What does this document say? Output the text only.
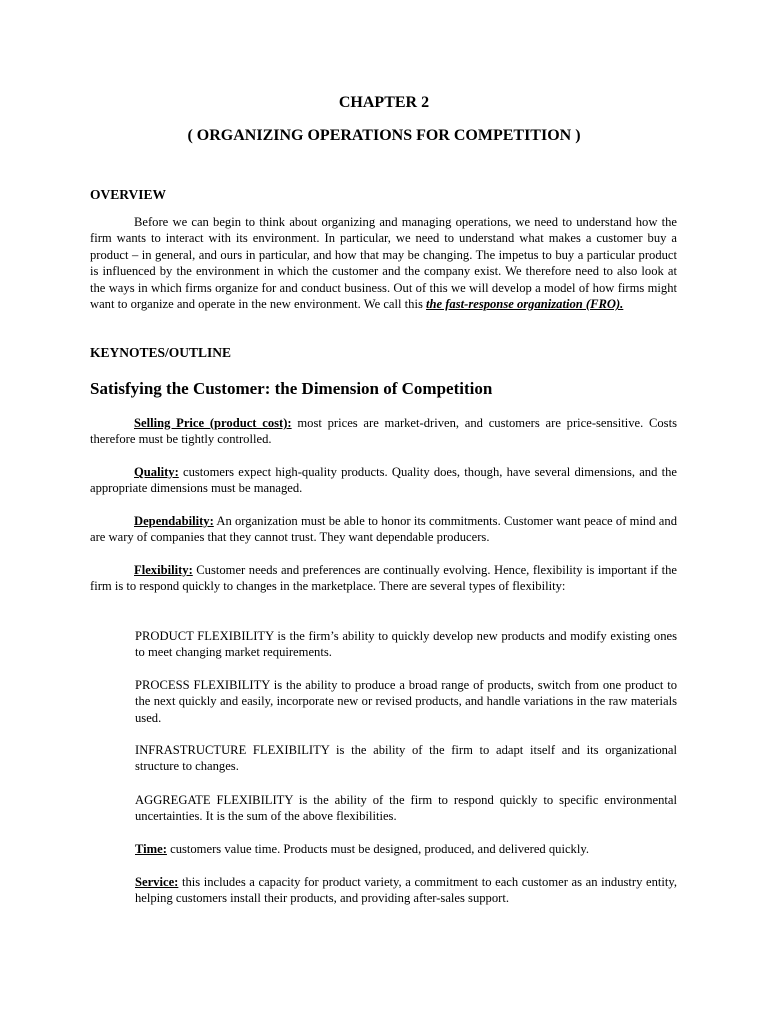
CHAPTER 2
( ORGANIZING OPERATIONS FOR COMPETITION )
OVERVIEW
Before we can begin to think about organizing and managing operations, we need to understand how the firm wants to interact with its environment. In particular, we need to understand what makes a customer buy a product – in general, and ours in particular, and how that may be changing. The impetus to buy a particular product is influenced by the environment in which the customer and the company exist. We therefore need to also look at the ways in which firms organize for and conduct business. Out of this we will develop a model of how firms might want to organize and operate in the new environment. We call this the fast-response organization (FRO).
KEYNOTES/OUTLINE
Satisfying the Customer: the Dimension of Competition
Selling Price (product cost): most prices are market-driven, and customers are price-sensitive. Costs therefore must be tightly controlled.
Quality: customers expect high-quality products. Quality does, though, have several dimensions, and the appropriate dimensions must be managed.
Dependability: An organization must be able to honor its commitments. Customer want peace of mind and are wary of companies that they cannot trust. They want dependable producers.
Flexibility: Customer needs and preferences are continually evolving. Hence, flexibility is important if the firm is to respond quickly to changes in the marketplace. There are several types of flexibility:
PRODUCT FLEXIBILITY is the firm’s ability to quickly develop new products and modify existing ones to meet changing market requirements.
PROCESS FLEXIBILITY is the ability to produce a broad range of products, switch from one product to the next quickly and easily, incorporate new or revised products, and handle variations in the raw materials used.
INFRASTRUCTURE FLEXIBILITY is the ability of the firm to adapt itself and its organizational structure to changes.
AGGREGATE FLEXIBILITY is the ability of the firm to respond quickly to specific environmental uncertainties. It is the sum of the above flexibilities.
Time: customers value time. Products must be designed, produced, and delivered quickly.
Service: this includes a capacity for product variety, a commitment to each customer as an industry entity, helping customers install their products, and providing after-sales support.
